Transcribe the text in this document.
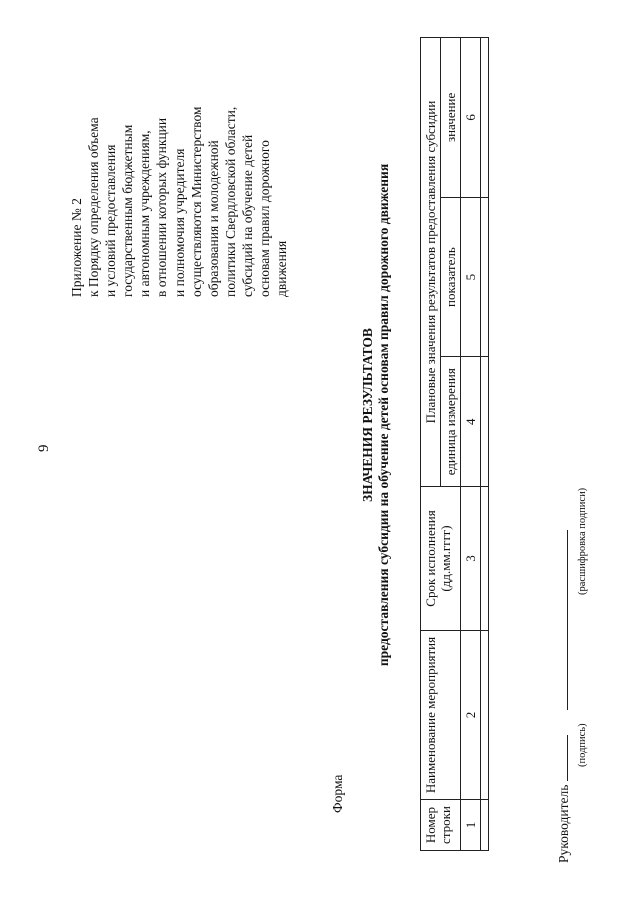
9
Приложение № 2 к Порядку определения объема и условий предоставления государственным бюджетным и автономным учреждениям, в отношении которых функции и полномочия учредителя осуществляются Министерством образования и молодежной политики Свердловской области, субсидий на обучение детей основам правил дорожного движения
Форма
ЗНАЧЕНИЯ РЕЗУЛЬТАТОВ предоставления субсидии на обучение детей основам правил дорожного движения
Номер строки	Наименование мероприятия	Срок исполнения (дд.мм.гггг)	Плановые значения результатов предоставления субсидии		
			единица измерения	показатель	значение
1	2	3	4	5	6

Руководитель
(подпись)
(расшифровка подписи)
